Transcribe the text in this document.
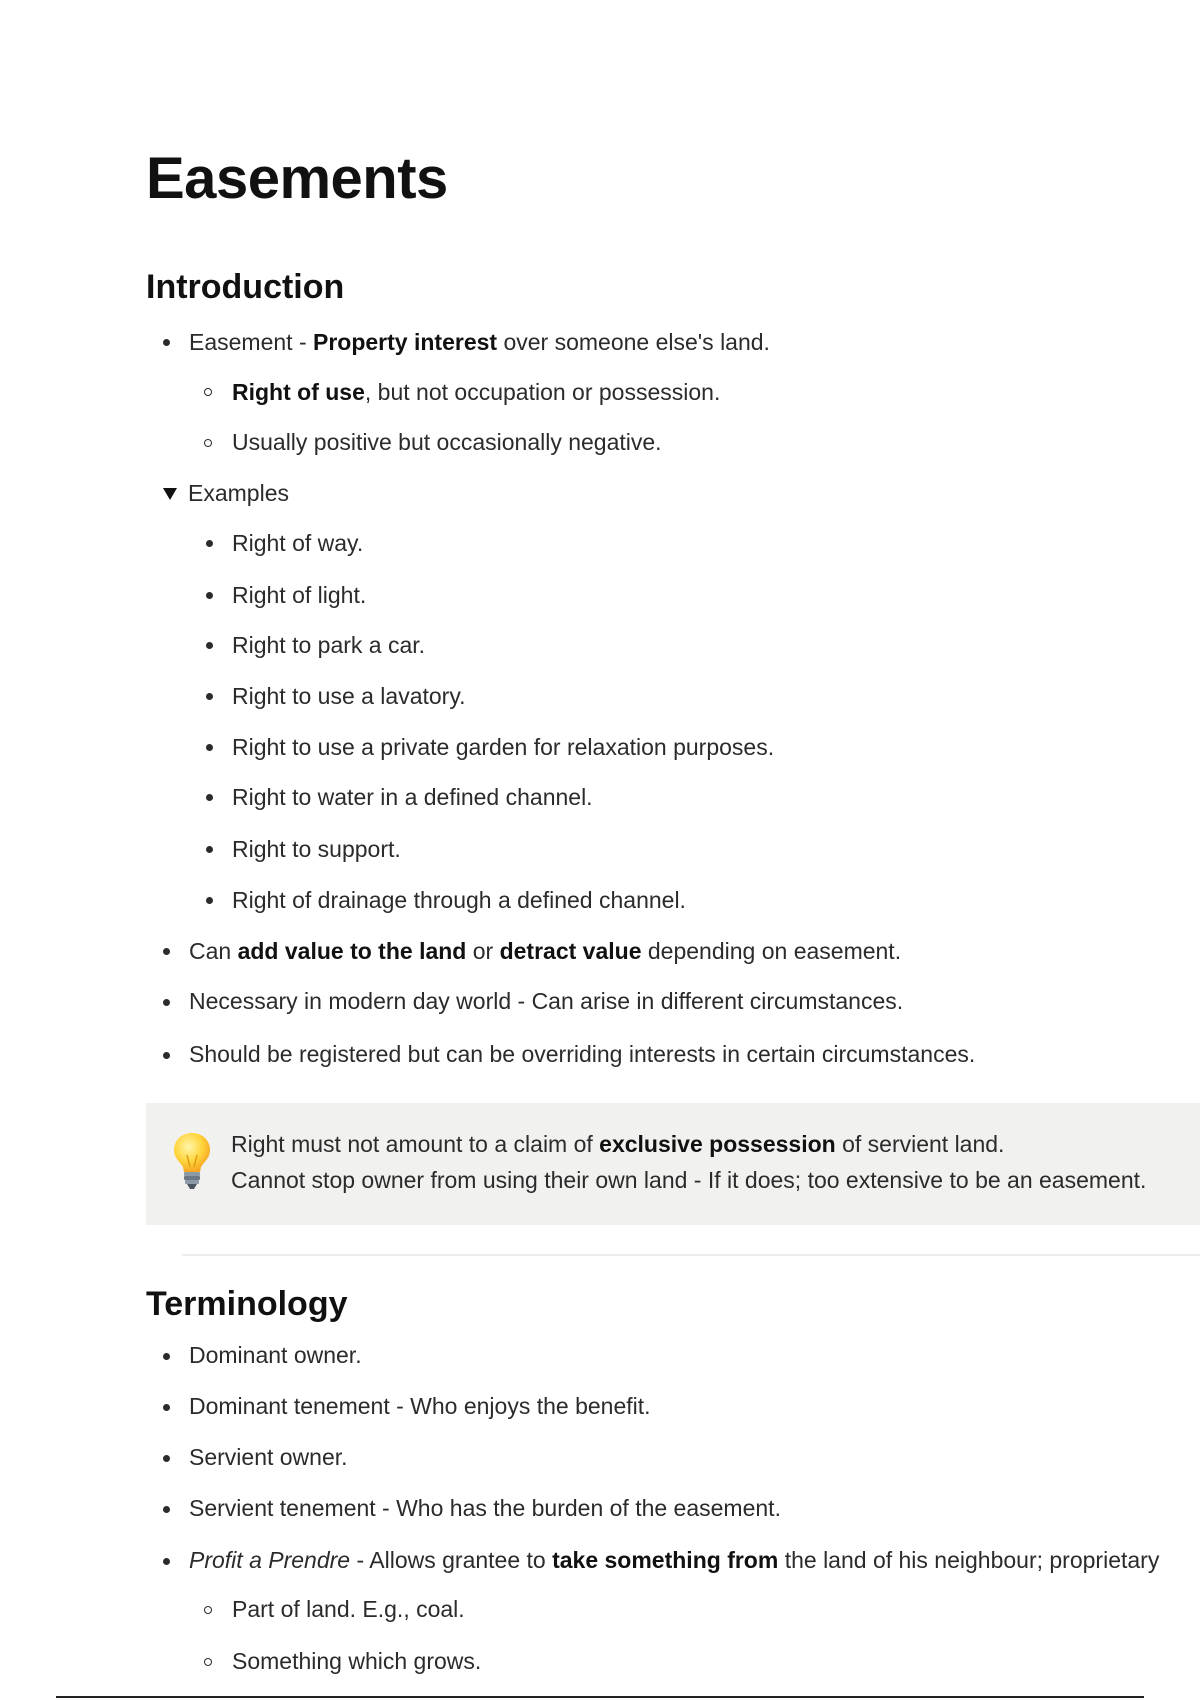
Easements
Introduction
Easement - Property interest over someone else's land.
Right of use, but not occupation or possession.
Usually positive but occasionally negative.
Examples
Right of way.
Right of light.
Right to park a car.
Right to use a lavatory.
Right to use a private garden for relaxation purposes.
Right to water in a defined channel.
Right to support.
Right of drainage through a defined channel.
Can add value to the land or detract value depending on easement.
Necessary in modern day world - Can arise in different circumstances.
Should be registered but can be overriding interests in certain circumstances.
Right must not amount to a claim of exclusive possession of servient land.
Cannot stop owner from using their own land - If it does; too extensive to be an easement.
Terminology
Dominant owner.
Dominant tenement - Who enjoys the benefit.
Servient owner.
Servient tenement - Who has the burden of the easement.
Profit a Prendre - Allows grantee to take something from the land of his neighbour; proprietary
Part of land. E.g., coal.
Something which grows.
